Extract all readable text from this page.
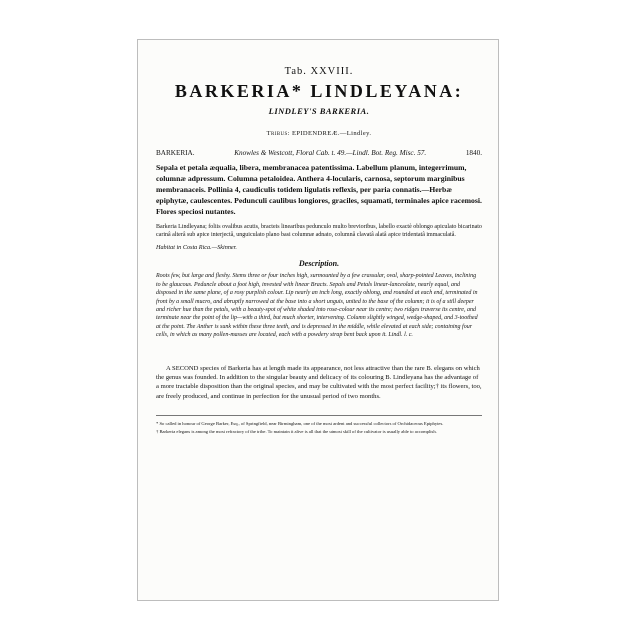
Tab. XXVIII.
BARKERIA* LINDLEYANA:
LINDLEY'S BARKERIA.
Tribus: EPIDENDREÆ.—Lindley.
BARKERIA.	Knowles & Westcott, Floral Cab. t. 49.—Lindl. Bot. Reg. Misc. 57.	1840.

Sepala et petala æqualia, libera, membranacea patentissima. Labellum planum, integerrimum, columnæ adpressum. Columna petaloidea. Anthera 4-locularis, carnosa, septorum marginibus membranaceis. Pollinia 4, caudiculis totidem ligulatis reflexis, per paria connatis.—Herbæ epiphytæ, caulescentes. Pedunculi caulibus longiores, graciles, squamati, terminales apice racemosi. Flores speciosi nutantes.

Barkeria Lindleyana; foliis ovalibus acutis, bracteis linearibus pedunculo multo brevioribus, labello exactè oblongo apiculato bicarinato carinâ alterâ sub apice interjectâ, unguiculato plano basi columnæ adnato, columnâ clavatâ alatâ apice tridentatâ immaculatâ.

Habitat in Costa Rica.—Skinner.

Description.

Roots few, but large and fleshy. Stems three or four inches high, surmounted by a few crassular, oval, sharp-pointed Leaves, inclining to be glaucous. Peduncle about a foot high, invested with linear Bracts. Sepals and Petals linear-lanceolate, nearly equal, and disposed in the same plane, of a rosy purplish colour. Lip nearly an inch long, exactly oblong, and rounded at each end, terminated in front by a small mucro, and abruptly narrowed at the base into a short unguis, united to the base of the column; it is of a still deeper and richer hue than the petals, with a beauty-spot of white shaded into rose-colour near its centre; two ridges traverse its centre, and terminate near the point of the lip—with a third, but much shorter, intervening. Column slightly winged, wedge-shaped, and 3-toothed at the point. The Anther is sunk within these three teeth, and is depressed in the middle, while elevated at each side; containing four cells, in which as many pollen-masses are located, each with a powdery strap bent back upon it. Lindl. l. c.

A SECOND species of Barkeria has at length made its appearance, not less attractive than the rare B. elegans on which the genus was founded. In addition to the singular beauty and delicacy of its colouring B. Lindleyana has the advantage of a more tractable disposition than the original species, and may be cultivated with the most perfect facility;† its flowers, too, are freely produced, and continue in perfection for the unusual period of two months.

* So called in honour of George Barker, Esq., of Springfield, near Birmingham, one of the most ardent and successful collectors of Orchidaceous Epiphytes.

† Barkeria elegans is among the most refractory of the tribe. To maintain it alive is all that the utmost skill of the cultivator is usually able to accomplish.
